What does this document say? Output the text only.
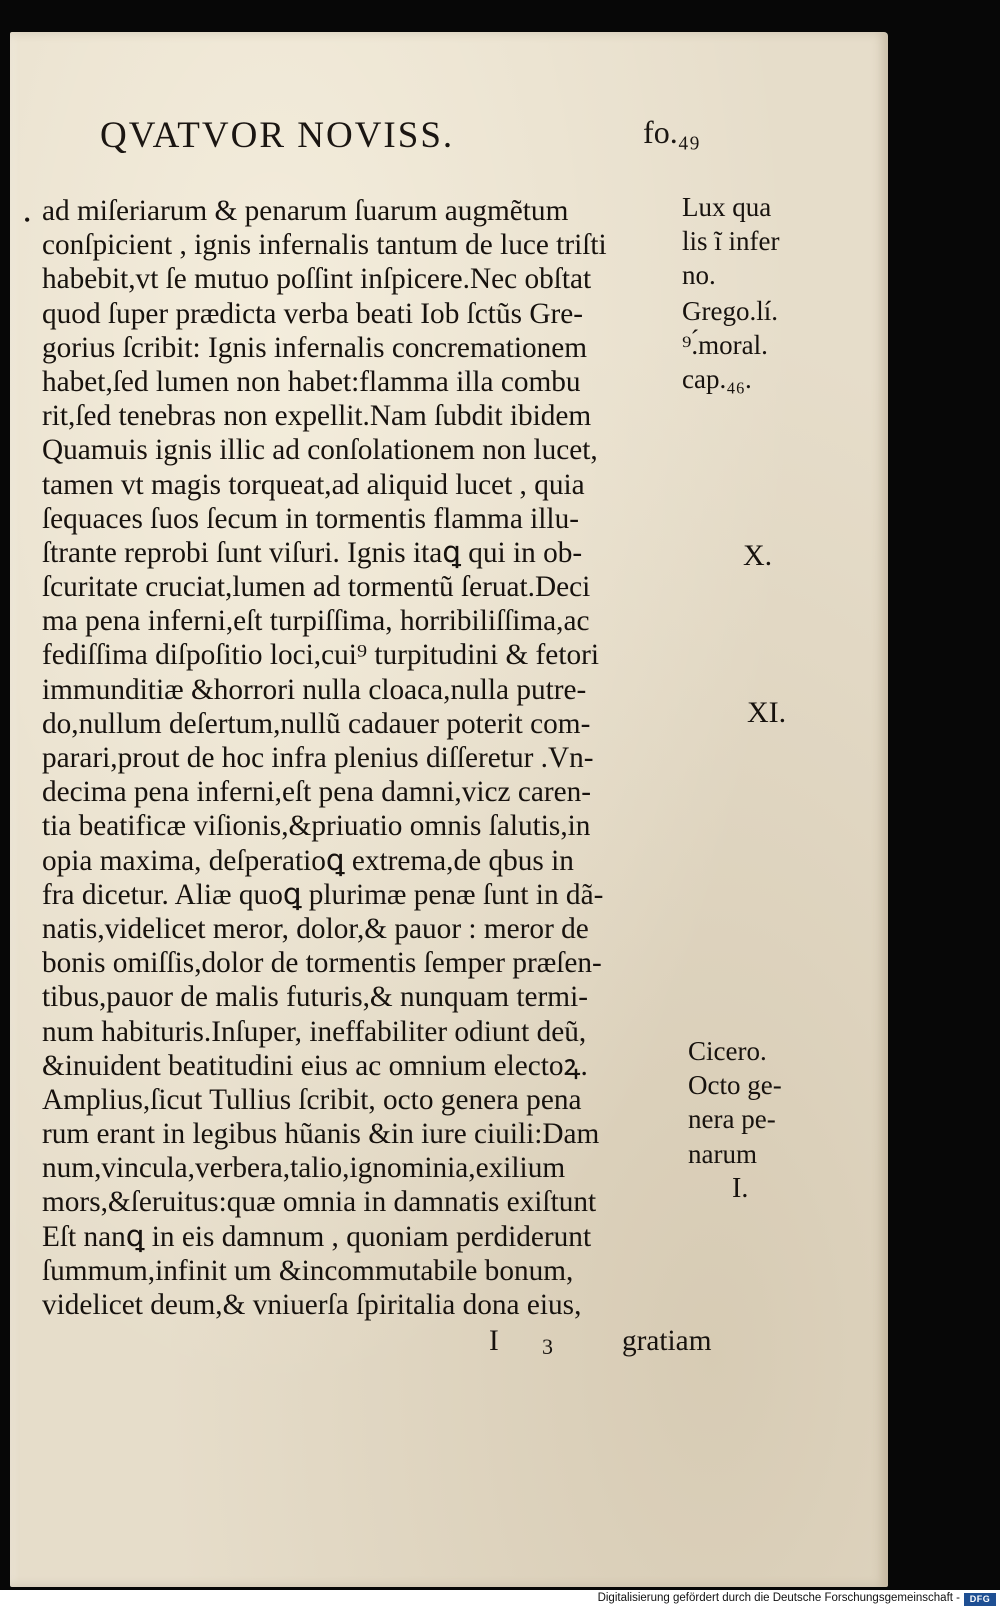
QVATVOR NOVISS.	fo.₄₉
ad miſeriarum & penarum ſuarum augmẽtum
conſpicient , ignis infernalis tantum de luce triſti
habebit,vt ſe mutuo poſſint inſpicere.Nec obſtat
quod ſuper prædicta verba beati Iob ſctũs Gre-
gorius ſcribit: Ignis infernalis concremationem
habet,ſed lumen non habet:flamma illa combu
rit,ſed tenebras non expellit.Nam ſubdit ibidem
Quamuis ignis illic ad conſolationem non lucet,
tamen vt magis torqueat,ad aliquid lucet , quia
ſequaces ſuos ſecum in tormentis flamma illu-
ſtrante reprobi ſunt viſuri. Ignis itaꝗ qui in ob-
ſcuritate cruciat,lumen ad tormentũ ſeruat.Deci
ma pena inferni,eſt turpiſſima, horribiliſſima,ac
fediſſima diſpoſitio loci,cui⁹ turpitudini & fetori
immunditiæ &horrori nulla cloaca,nulla putre-
do,nullum deſertum,nullũ cadauer poterit com-
parari,prout de hoc infra plenius diſſeretur .Vn-
decima pena inferni,eſt pena damni,vicz caren-
tia beatificæ viſionis,&priuatio omnis ſalutis,in
opia maxima, deſperatioꝗ extrema,de qbus in
fra dicetur. Aliæ quoꝗ plurimæ penæ ſunt in dã-
natis,videlicet meror, dolor,& pauor : meror de
bonis omiſſis,dolor de tormentis ſemper præſen-
tibus,pauor de malis futuris,& nunquam termi-
num habituris.Inſuper, ineffabiliter odiunt deũ,
&inuident beatitudini eius ac omnium electoꝝ.
Amplius,ſicut Tullius ſcribit, octo genera pena
rum erant in legibus hũanis &in iure ciuili:Dam
num,vincula,verbera,talio,ignominia,exilium
mors,&ſeruitus:quæ omnia in damnatis exiſtunt
Eſt nanꝗ in eis damnum , quoniam perdiderunt
ſummum,infinit um &incommutabile bonum,
videlicet deum,& vniuerſa ſpiritalia dona eius,
I 3 gratiam
Lux qua
lis ĩ infer
no.
Grego.lí.
⁹.́moral.
cap.₄₆.
X.
XI.
Cicero.
Octo ge-
nera pe-
narum
I.
•
Digitalisierung gefördert durch die Deutsche Forschungsgemeinschaft -	DFG
